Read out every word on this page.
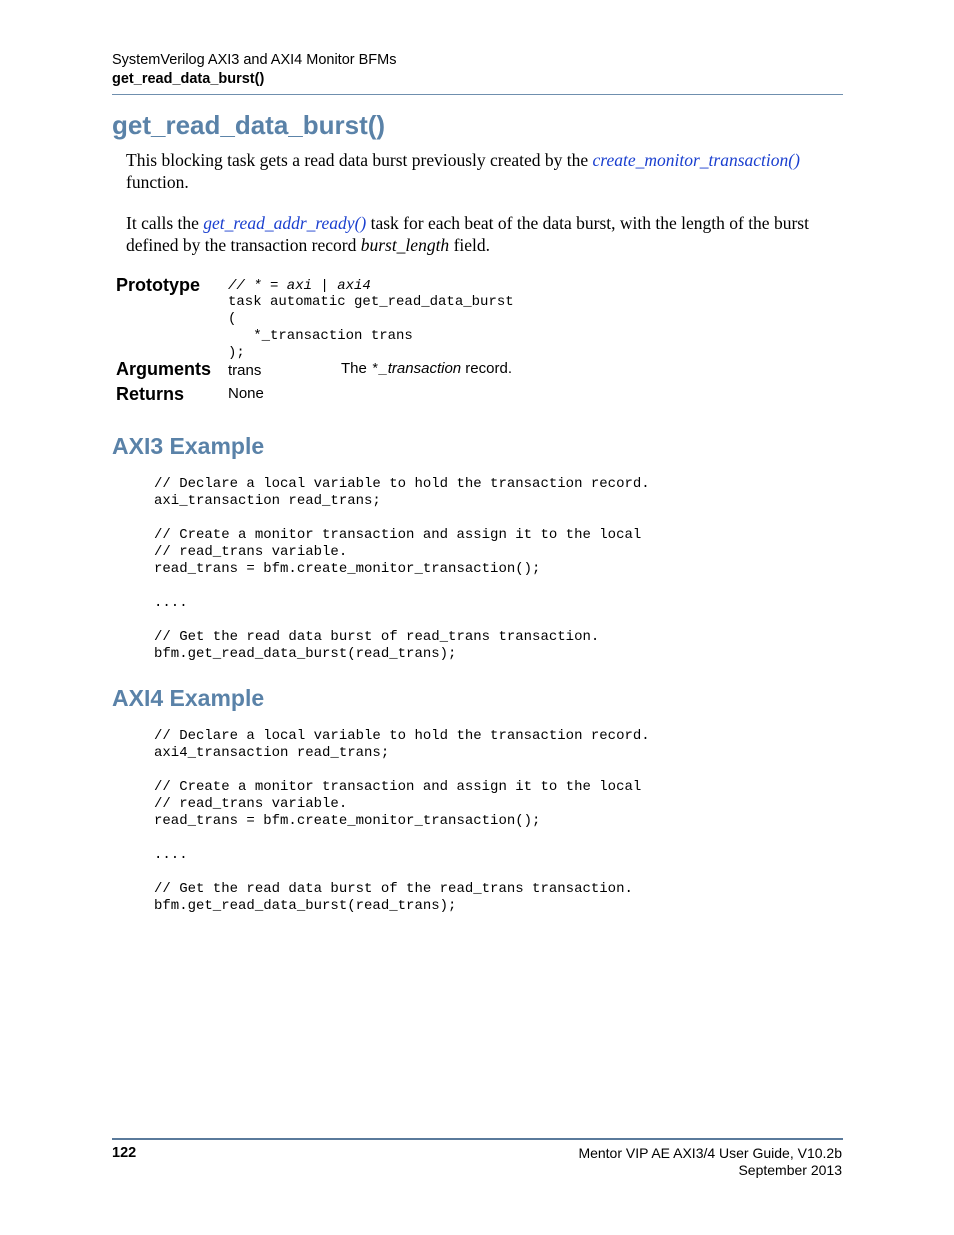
SystemVerilog AXI3 and AXI4 Monitor BFMs
get_read_data_burst()
get_read_data_burst()
This blocking task gets a read data burst previously created by the create_monitor_transaction()
function.
It calls the get_read_addr_ready() task for each beat of the data burst, with the length of the burst defined by the transaction record burst_length field.
Prototype // * = axi | axi4
task automatic get_read_data_burst
(
*_transaction trans
);
Arguments trans	The *_transaction record.
Returns	None
AXI3 Example
// Declare a local variable to hold the transaction record.
axi_transaction read_trans;

// Create a monitor transaction and assign it to the local
// read_trans variable.
read_trans = bfm.create_monitor_transaction();

....

// Get the read data burst of read_trans transaction.
bfm.get_read_data_burst(read_trans);
AXI4 Example
// Declare a local variable to hold the transaction record.
axi4_transaction read_trans;

// Create a monitor transaction and assign it to the local
// read_trans variable.
read_trans = bfm.create_monitor_transaction();

....

// Get the read data burst of the read_trans transaction.
bfm.get_read_data_burst(read_trans);
122	Mentor VIP AE AXI3/4 User Guide, V10.2b
September 2013
